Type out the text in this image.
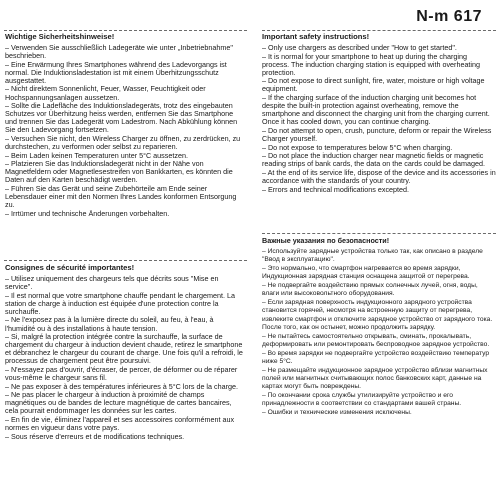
N-m 617

Wichtige Sicherheitshinweise!

– Verwenden Sie ausschließlich Ladegeräte wie unter „Inbetriebnahme" beschrieben.
– Eine Erwärmung Ihres Smartphones während des Ladevorgangs ist normal. Die Induktionsladestation ist mit einem Überhitzungsschutz ausgestattet.
– Nicht direktem Sonnenlicht, Feuer, Wasser, Feuchtigkeit oder Hochspannungsanlagen aussetzen.
– Sollte die Ladefläche des Induktionsladegeräts, trotz des eingebauten Schutzes vor Überhitzung heiss werden, entfernen Sie das Smartphone und trennen Sie das Ladegerät vom Ladestrom. Nach Abkühlung können Sie den Ladevorgang fortsetzen.
– Versuchen Sie nicht, den Wireless Charger zu öffnen, zu zerdrücken, zu durchstechen, zu verformen oder selbst zu reparieren.
– Beim Laden keinen Temperaturen unter 5°C aussetzen.
– Platzieren Sie das Induktionsladegerät nicht in der Nähe von Magnetfeldern oder Magnetlesestreifen von Bankkarten, es könnten die Daten auf den Karten beschädigt werden.
– Führen Sie das Gerät und seine Zubehörteile am Ende seiner Lebensdauer einer mit den Normen Ihres Landes konformen Entsorgung zu.
– Irrtümer und technische Änderungen vorbehalten.

Consignes de sécurité importantes!

– Utilisez uniquement des chargeurs tels que décrits sous "Mise en service".
– Il est normal que votre smartphone chauffe pendant le chargement. La station de charge à induction est équipée d'une protection contre la surchauffe.
– Ne l'exposez pas à la lumière directe du soleil, au feu, à l'eau, à l'humidité ou à des installations à haute tension.
– Si, malgré la protection intégrée contre la surchauffe, la surface de chargement du chargeur à induction devient chaude, retirez le smartphone et débranchez le chargeur du courant de charge. Une fois qu'il a refroidi, le processus de chargement peut être poursuivi.
– N'essayez pas d'ouvrir, d'écraser, de percer, de déformer ou de réparer vous-même le chargeur sans fil.
– Ne pas exposer à des températures inférieures à 5°C lors de la charge.
– Ne pas placer le chargeur à induction à proximité de champs magnétiques ou de bandes de lecture magnétique de cartes bancaires, cela pourrait endommager les données sur les cartes.
– En fin de vie, éliminez l'appareil et ses accessoires conformément aux normes en vigueur dans votre pays.
– Sous réserve d'erreurs et de modifications techniques.

Important safety instructions!

– Only use chargers as described under "How to get started".
– It is normal for your smartphone to heat up during the charging process. The induction charging station is equipped with overheating protection.
– Do not expose to direct sunlight, fire, water, moisture or high voltage equipment.
– If the charging surface of the induction charging unit becomes hot despite the built-in protection against overheating, remove the smartphone and disconnect the charging unit from the charging current. Once it has cooled down, you can continue charging.
– Do not attempt to open, crush, puncture, deform or repair the Wireless Charger yourself.
– Do not expose to temperatures below 5°C when charging.
– Do not place the induction charger near magnetic fields or magnetic reading strips of bank cards, the data on the cards could be damaged.
– At the end of its service life, dispose of the device and its accessories in accordance with the standards of your country.
– Errors and technical modifications excepted.

Важные указания по безопасности!

– Используйте зарядные устройства только так, как описано в разделе "Ввод в эксплуатацию".
– Это нормально, что смартфон нагревается во время зарядки, Индукционная зарядная станция оснащена защитой от перегрева.
– Не подвергайте воздействию прямых солнечных лучей, огня, воды, влаги или высоковольтного оборудования.
– Если зарядная поверхность индукционного зарядного устройства становится горячей, несмотря на встроенную защиту от перегрева, извлеките смартфон и отключите зарядное устройство от зарядного тока. После того, как он остынет, можно продолжить зарядку.
– Не пытайтесь самостоятельно открывать, сминать, прокалывать, деформировать или ремонтировать беспроводное зарядное устройство.
– Во время зарядки не подвергайте устройство воздействию температур ниже 5°C.
– Не размещайте индукционное зарядное устройство вблизи магнитных полей или магнитных считывающих полос банковских карт, данные на картах могут быть повреждены.
– По окончании срока службы утилизируйте устройство и его принадлежности в соответствии со стандартами вашей страны.
– Ошибки и технические изменения исключены.
